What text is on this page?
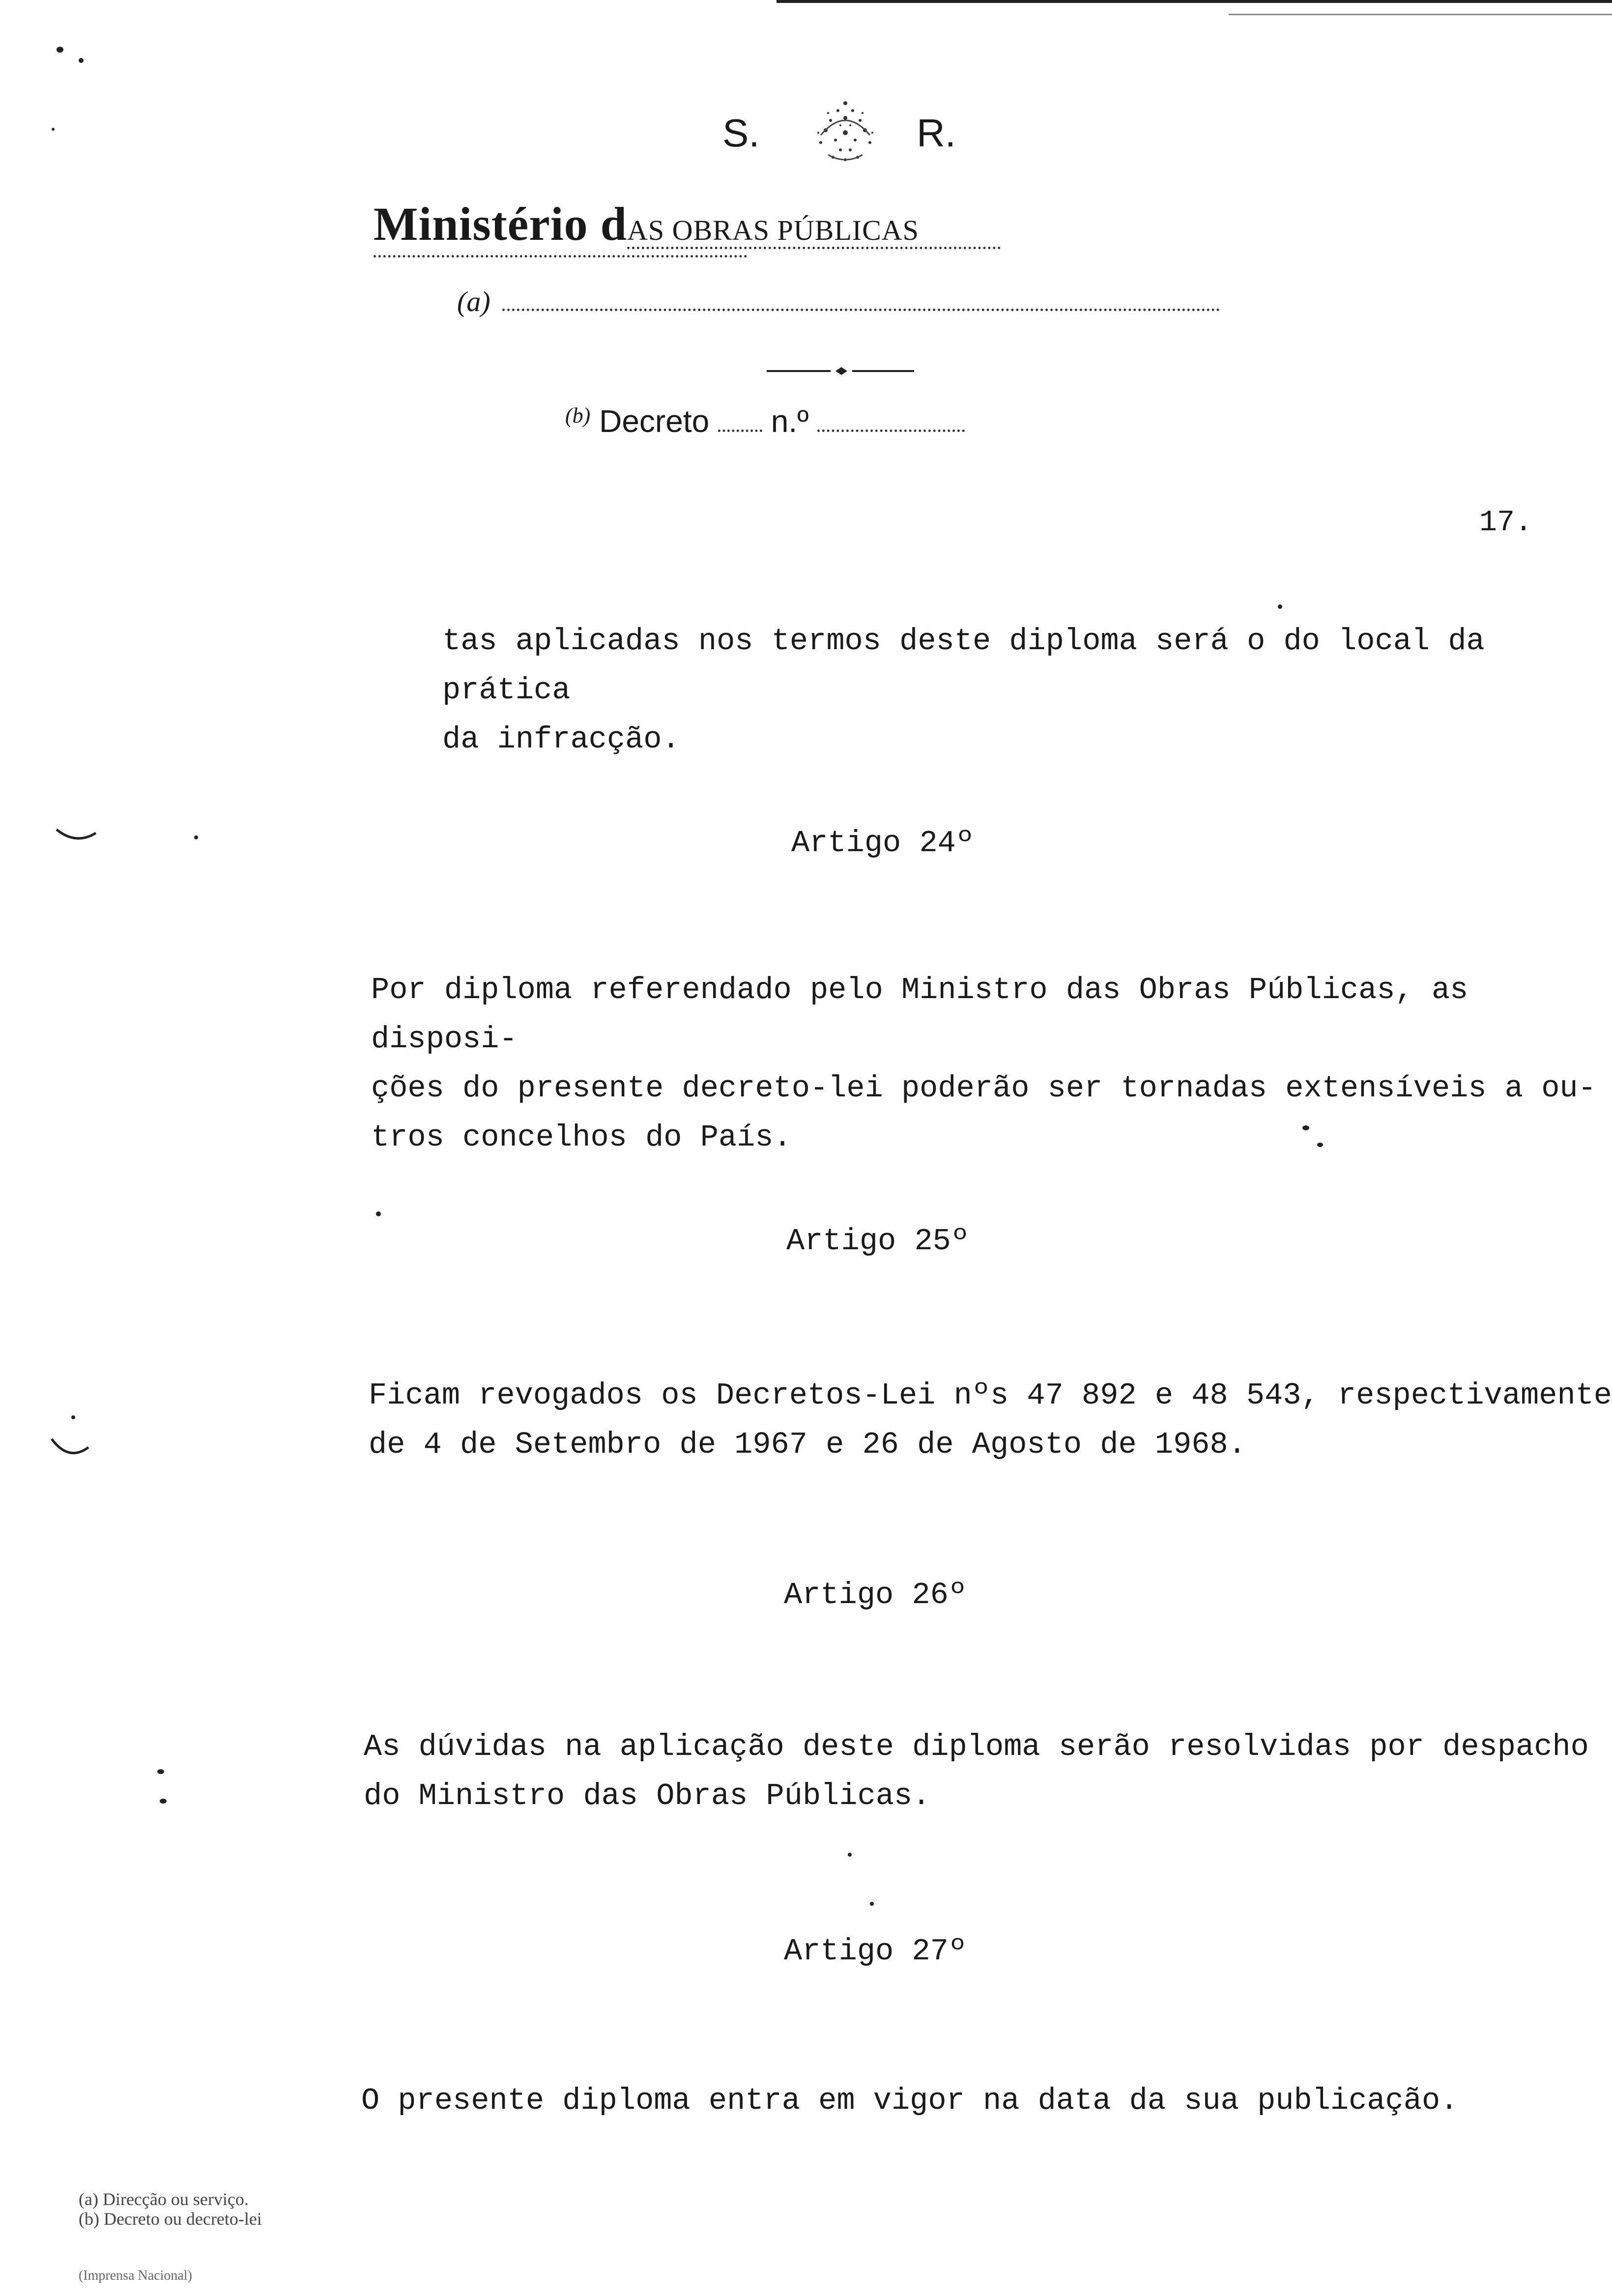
S.	R.
Ministério dAS OBRAS PÚBLICAS
(a)
$^{(b)}$ Decreto n.º
17.
tas aplicadas nos termos deste diploma será o do local da prática
da infracção.
Artigo 24º
Por diploma referendado pelo Ministro das Obras Públicas, as disposi-
ções do presente decreto-lei poderão ser tornadas extensíveis a ou-
tros concelhos do País.
Artigo 25º
Ficam revogados os Decretos-Lei nºs 47 892 e 48 543, respectivamente
de 4 de Setembro de 1967 e 26 de Agosto de 1968.
Artigo 26º
As dúvidas na aplicação deste diploma serão resolvidas por despacho
do Ministro das Obras Públicas.
Artigo 27º
O presente diploma entra em vigor na data da sua publicação.
(a) Direcção ou serviço.
(b) Decreto ou decreto-lei
(Imprensa Nacional)
